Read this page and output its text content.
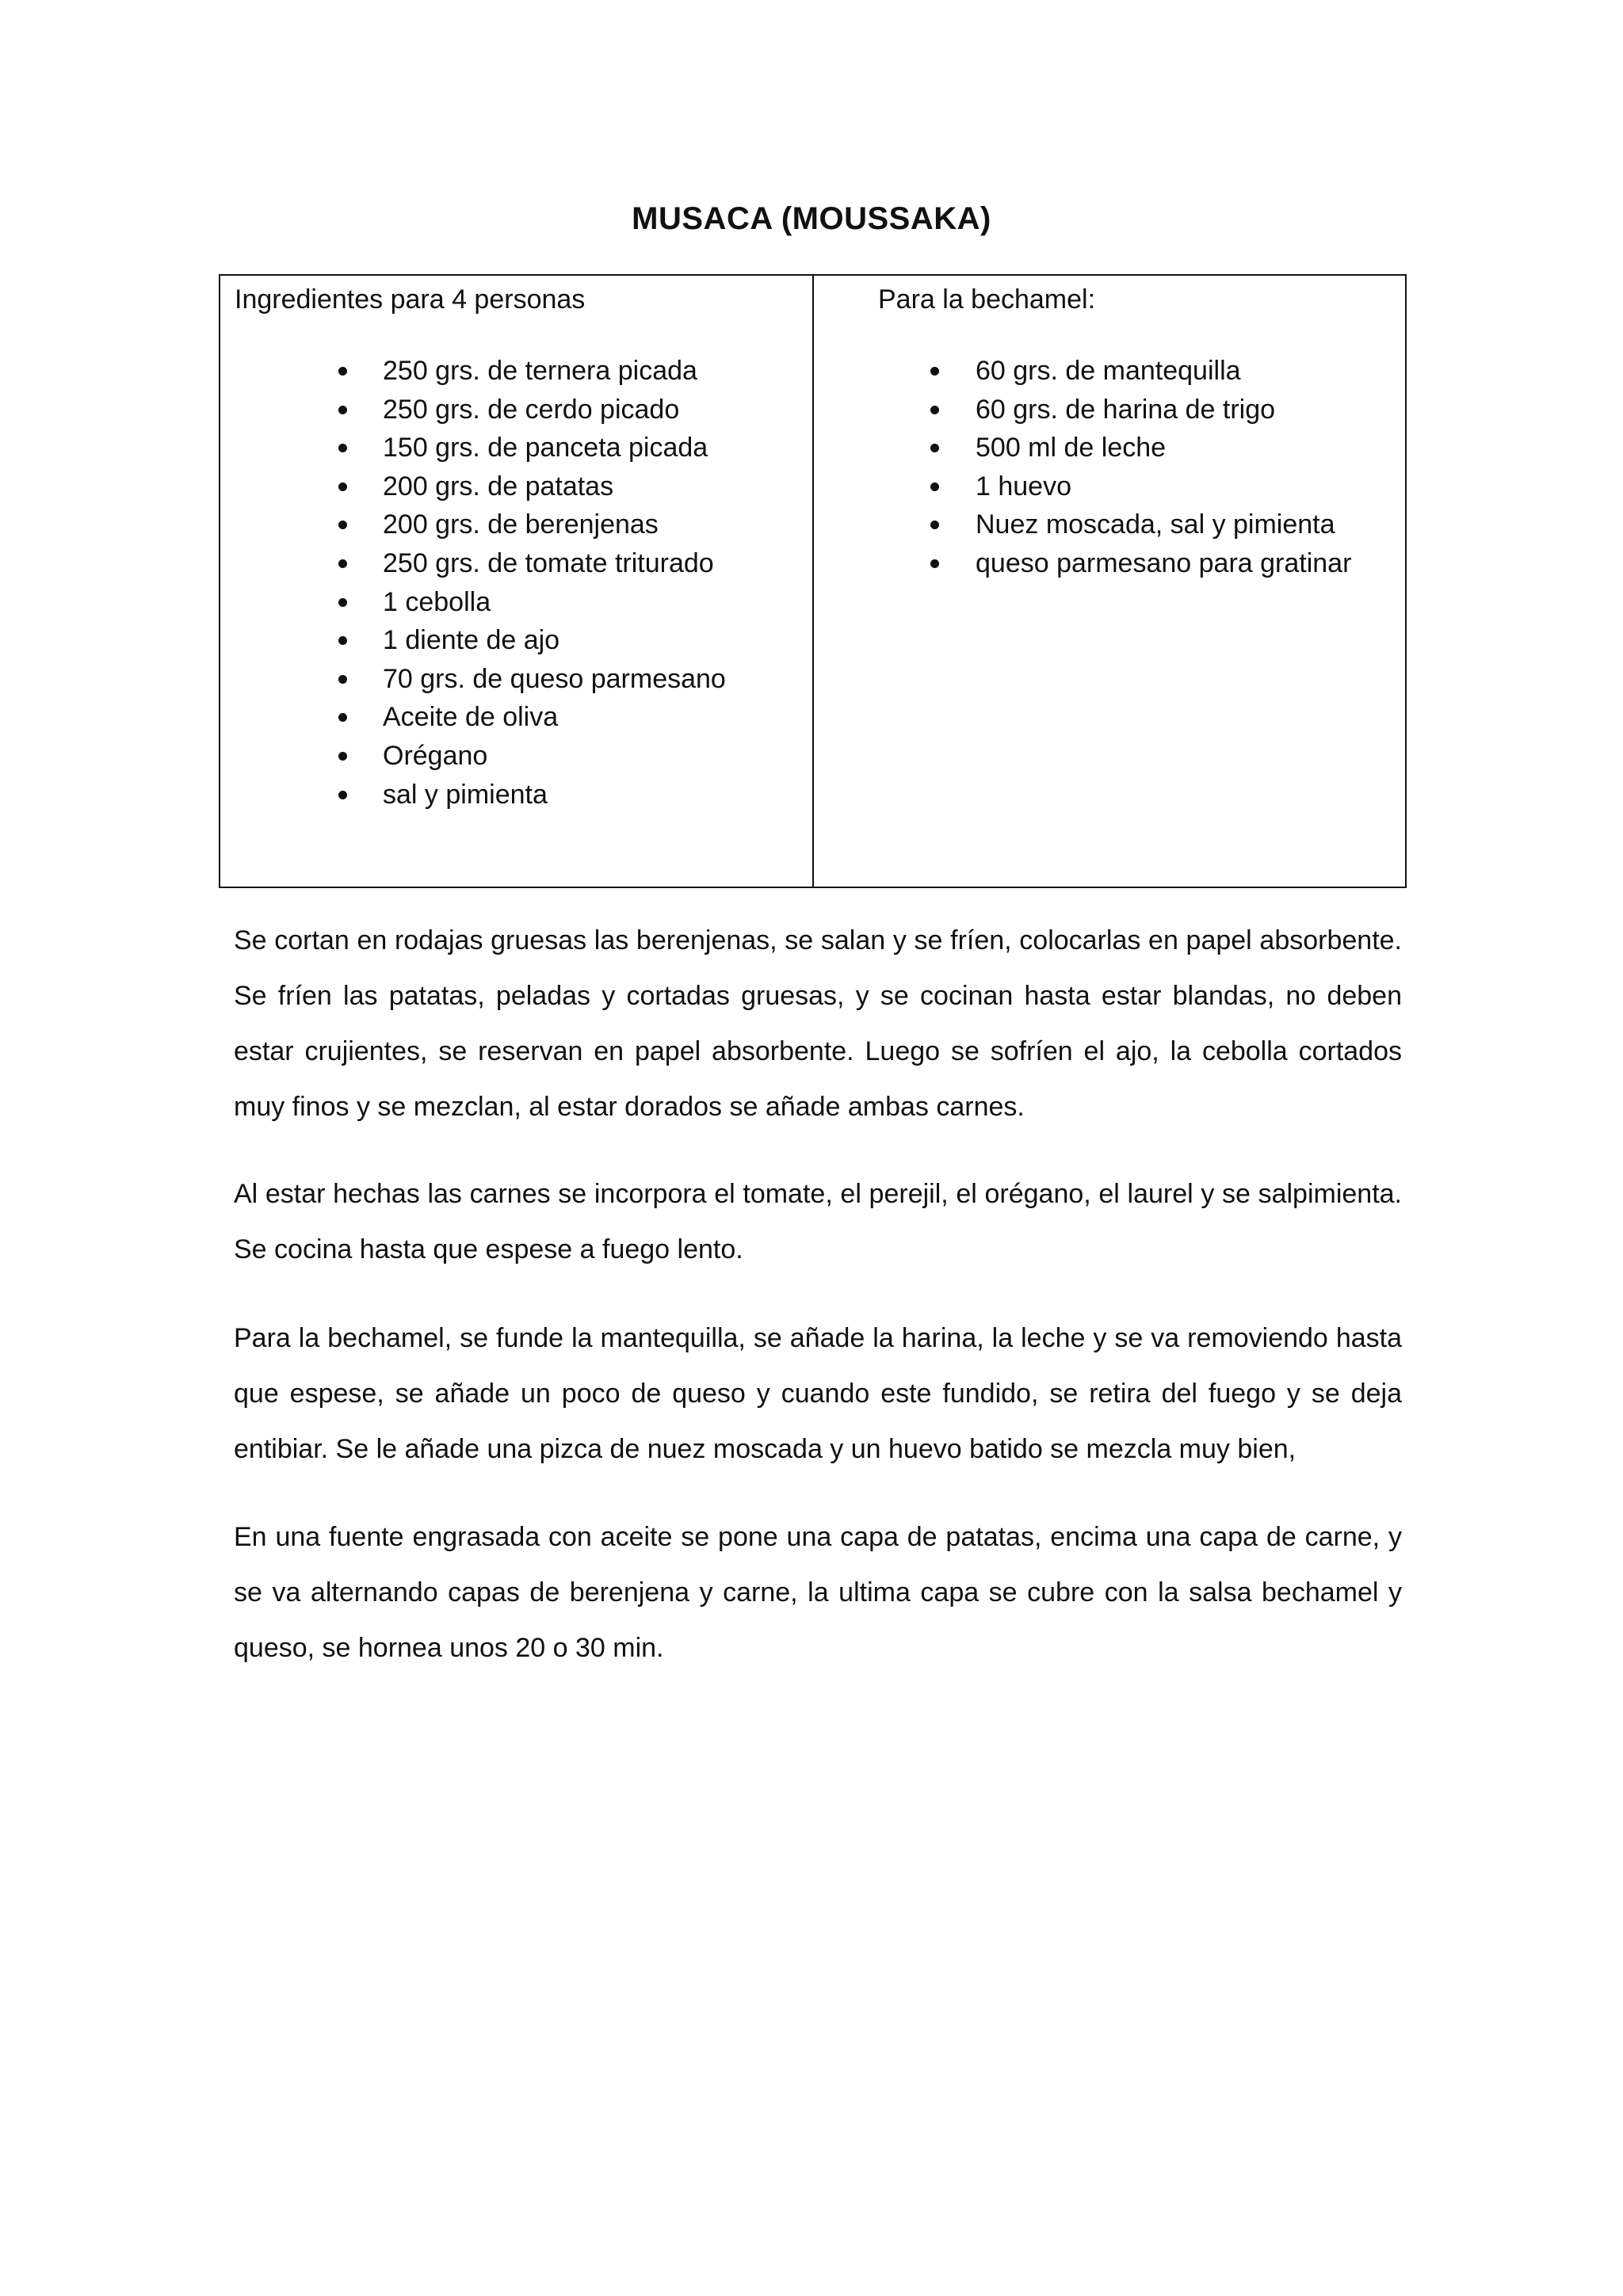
MUSACA (MOUSSAKA)
Ingredientes para 4 personas
250 grs. de ternera picada
250 grs. de cerdo picado
150 grs. de panceta picada
200 grs. de patatas
200 grs. de berenjenas
250 grs. de tomate triturado
1 cebolla
1 diente de ajo
70 grs. de queso parmesano
Aceite de oliva
Orégano
sal y pimienta
Para la bechamel:
60 grs. de mantequilla
60 grs. de harina de trigo
500 ml de leche
1 huevo
Nuez moscada, sal y pimienta
queso parmesano para gratinar

Se cortan en rodajas gruesas las berenjenas, se salan y se fríen, colocarlas en papel absorbente. Se fríen las patatas, peladas y cortadas gruesas, y se cocinan hasta estar blandas, no deben estar crujientes, se reservan en papel absorbente. Luego se sofríen el ajo, la cebolla cortados muy finos y se mezclan, al estar dorados se añade ambas carnes.

Al estar hechas las carnes se incorpora el tomate, el perejil, el orégano, el laurel y se salpimienta. Se cocina hasta que espese a fuego lento.

Para la bechamel, se funde la mantequilla, se añade la harina, la leche y se va removiendo hasta que espese, se añade un poco de queso y cuando este fundido, se retira del fuego y se deja entibiar. Se le añade una pizca de nuez moscada y un huevo batido se mezcla muy bien,

En una fuente engrasada con aceite se pone una capa de patatas, encima una capa de carne, y se va alternando capas de berenjena y carne, la ultima capa se cubre con la salsa bechamel y queso, se hornea unos 20 o 30 min.
